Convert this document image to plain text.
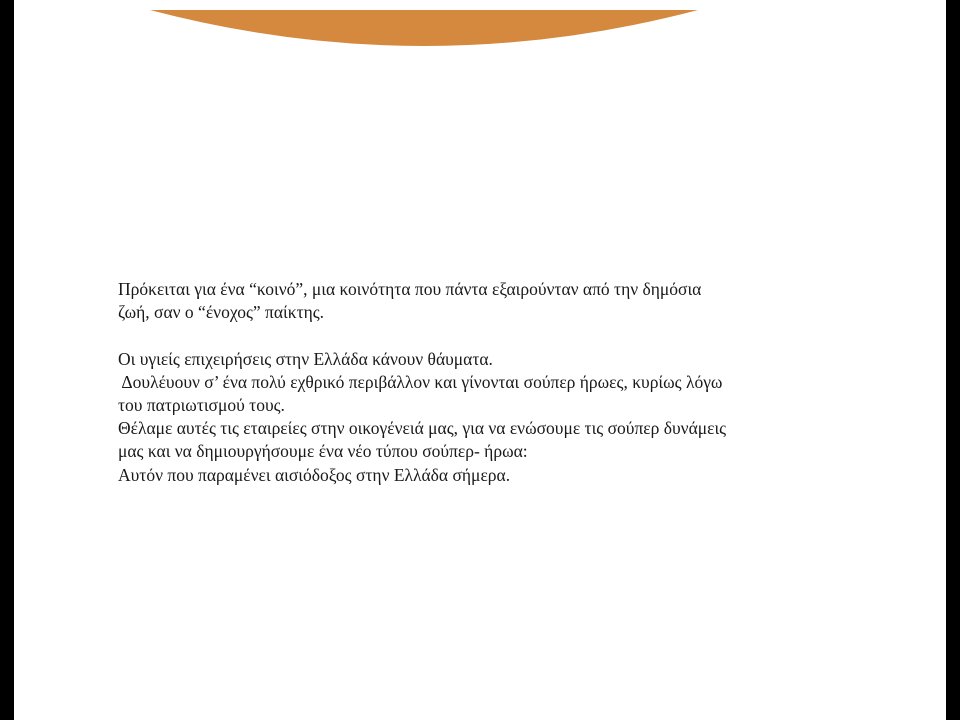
Πρόκειται για ένα “κοινό”, μια κοινότητα που πάντα εξαιρούνταν από την δημόσια

ζωή, σαν ο “ένοχος” παίκτης.

Οι υγιείς επιχειρήσεις στην Ελλάδα κάνουν θάυματα.

Δουλέυουν σ’ ένα πολύ εχθρικό περιβάλλον και γίνονται σούπερ ήρωες, κυρίως λόγω

του πατριωτισμού τους.

Θέλαμε αυτές τις εταιρείες στην οικογένειά μας, για να ενώσουμε τις σούπερ δυνάμεις

μας και να δημιουργήσουμε ένα νέο τύπου σούπερ- ήρωα:

Αυτόν που παραμένει αισιόδοξος στην Ελλάδα σήμερα.
